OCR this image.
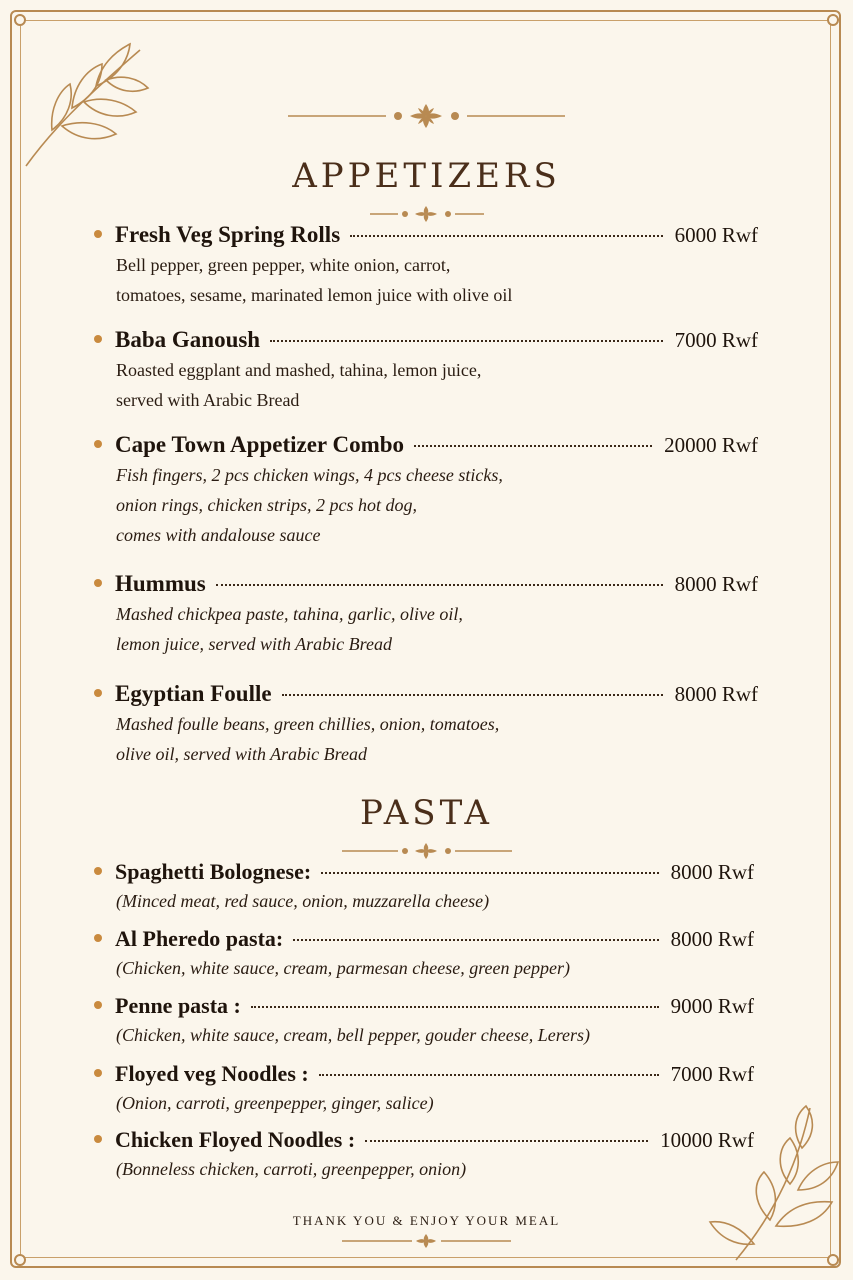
APPETIZERS
Fresh Veg Spring Rolls	6000 Rwf
Bell pepper, green pepper, white onion, carrot,
tomatoes, sesame, marinated lemon juice with olive oil
Baba Ganoush	7000 Rwf
Roasted eggplant and mashed, tahina, lemon juice,
served with Arabic Bread
Cape Town Appetizer Combo	20000 Rwf
Fish fingers, 2 pcs chicken wings, 4 pcs cheese sticks,
onion rings, chicken strips, 2 pcs hot dog,
comes with andalouse sauce
Hummus	8000 Rwf
Mashed chickpea paste, tahina, garlic, olive oil,
lemon juice, served with Arabic Bread
Egyptian Foulle	8000 Rwf
Mashed foulle beans, green chillies, onion, tomatoes,
olive oil, served with Arabic Bread
PASTA
Spaghetti Bolognese:	8000 Rwf
(Minced meat, red sauce, onion, muzzarella cheese)
Al Pheredo pasta:	8000 Rwf
(Chicken, white sauce, cream, parmesan cheese, green pepper)
Penne pasta :	9000 Rwf
(Chicken, white sauce, cream, bell pepper, gouder cheese, Lerers)
Floyed veg Noodles :	7000 Rwf
(Onion, carroti, greenpepper, ginger, salice)
Chicken Floyed Noodles :	10000 Rwf
(Bonneless chicken, carroti, greenpepper, onion)
THANK YOU & ENJOY YOUR MEAL
